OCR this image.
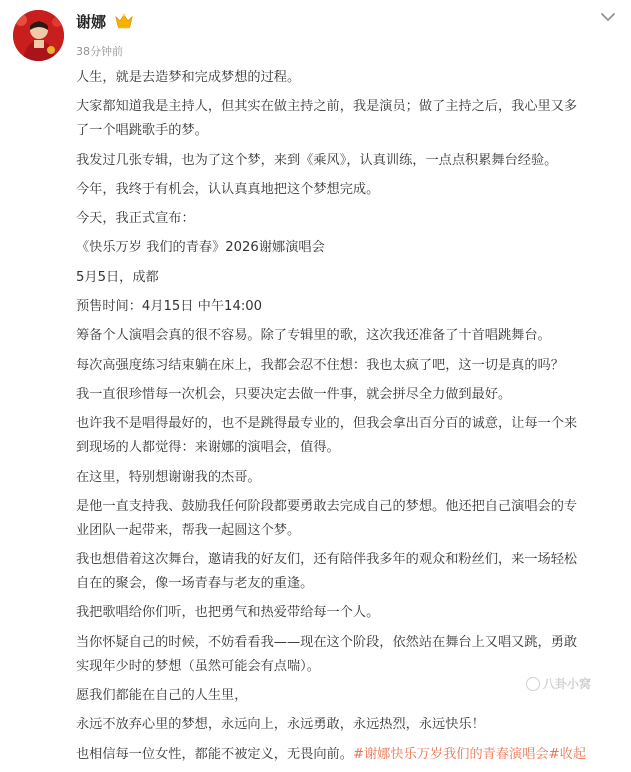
谢娜
38分钟前
人生，就是去造梦和完成梦想的过程。
大家都知道我是主持人，但其实在做主持之前，我是演员；做了主持之后，我心里又多
了一个唱跳歌手的梦。
我发过几张专辑，也为了这个梦，来到《乘风》，认真训练，一点点积累舞台经验。
今年，我终于有机会，认认真真地把这个梦想完成。
今天，我正式宣布：
《快乐万岁 我们的青春》2026谢娜演唱会
5月5日，成都
预售时间：4月15日 中午14:00
筹备个人演唱会真的很不容易。除了专辑里的歌，这次我还准备了十首唱跳舞台。
每次高强度练习结束躺在床上，我都会忍不住想：我也太疯了吧，这一切是真的吗？
我一直很珍惜每一次机会，只要决定去做一件事，就会拼尽全力做到最好。
也许我不是唱得最好的，也不是跳得最专业的，但我会拿出百分百的诚意，让每一个来
到现场的人都觉得：来谢娜的演唱会，值得。
在这里，特别想谢谢我的杰哥。
是他一直支持我、鼓励我任何阶段都要勇敢去完成自己的梦想。他还把自己演唱会的专
业团队一起带来，帮我一起圆这个梦。
我也想借着这次舞台，邀请我的好友们，还有陪伴我多年的观众和粉丝们，来一场轻松
自在的聚会，像一场青春与老友的重逢。
我把歌唱给你们听，也把勇气和热爱带给每一个人。
当你怀疑自己的时候，不妨看看我——现在这个阶段，依然站在舞台上又唱又跳，勇敢
实现年少时的梦想（虽然可能会有点喘）。
愿我们都能在自己的人生里，
永远不放弃心里的梦想，永远向上，永远勇敢，永远热烈，永远快乐！
也相信每一位女性，都能不被定义，无畏向前。#谢娜快乐万岁我们的青春演唱会#收起
八卦小窝
